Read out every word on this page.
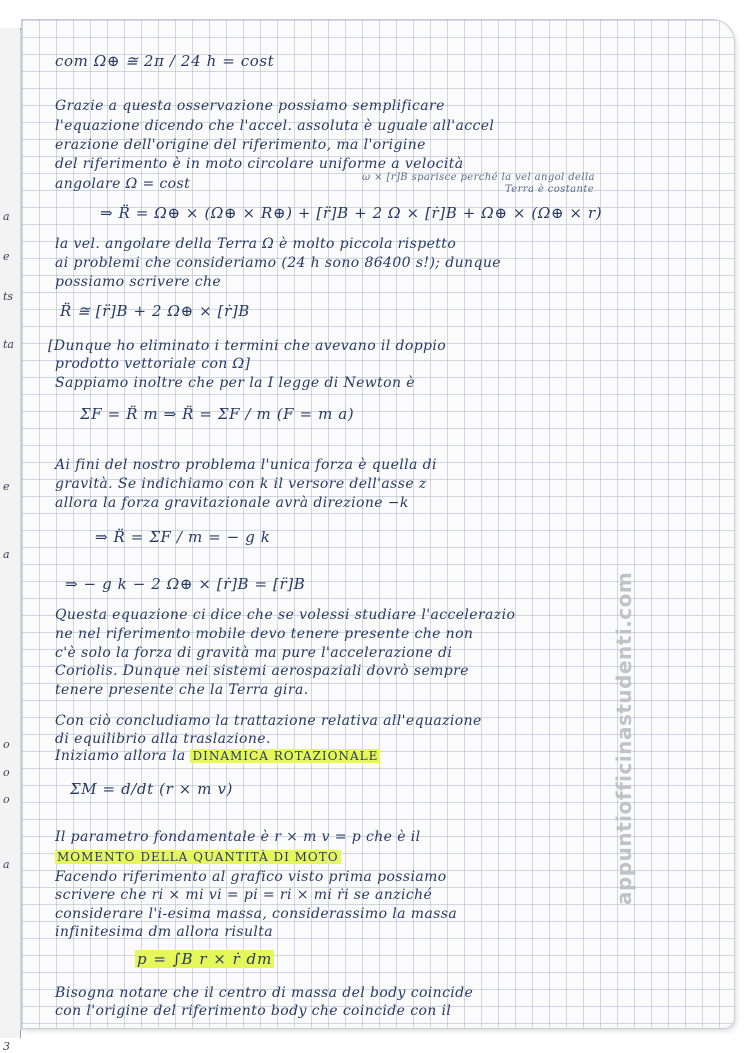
a
e
ts
ta
e
a
o
o
o
a
3
com Ω⊕ ≅ 2π / 24 h = cost
Grazie a questa osservazione possiamo semplificare
l'equazione dicendo che l'accel. assoluta è uguale all'accel
erazione dell'origine del riferimento, ma l'origine
del riferimento è in moto circolare uniforme a velocità
angolare Ω = cost	ω × [r]B sparisce perché la vel angol della
Terra è costante
⇒ R̈ = Ω⊕ × (Ω⊕ × R⊕) + [r̈]B + 2 Ω × [ṙ]B + Ω⊕ × (Ω⊕ × r)
la vel. angolare della Terra Ω è molto piccola rispetto
ai problemi che consideriamo (24 h sono 86400 s!); dunque
possiamo scrivere che
R̈ ≅ [r̈]B + 2 Ω⊕ × [ṙ]B
[Dunque ho eliminato i termini che avevano il doppio
prodotto vettoriale con Ω]
Sappiamo inoltre che per la I legge di Newton è
ΣF = R̈ m ⇒ R̈ = ΣF / m (F = m a)
Ai fini del nostro problema l'unica forza è quella di
gravità. Se indichiamo con k il versore dell'asse z
allora la forza gravitazionale avrà direzione −k
⇒ R̈ = ΣF / m = − g k
⇒ − g k − 2 Ω⊕ × [ṙ]B = [r̈]B
Questa equazione ci dice che se volessi studiare l'accelerazio
ne nel riferimento mobile devo tenere presente che non
c'è solo la forza di gravità ma pure l'accelerazione di
Coriolis. Dunque nei sistemi aerospaziali dovrò sempre
tenere presente che la Terra gira.
Con ciò concludiamo la trattazione relativa all'equazione
di equilibrio alla traslazione.
Iniziamo allora la DINAMICA ROTAZIONALE
ΣM = d/dt (r × m v)
Il parametro fondamentale è r × m v = p che è il
MOMENTO DELLA QUANTITÀ DI MOTO
Facendo riferimento al grafico visto prima possiamo
scrivere che ri × mi vi = pi = ri × mi ṙi se anziché
considerare l'i-esima massa, considerassimo la massa
infinitesima dm allora risulta
p = ∫B r × ṙ dm
Bisogna notare che il centro di massa del body coincide
con l'origine del riferimento body che coincide con il
appuntiofficinastudenti.com
